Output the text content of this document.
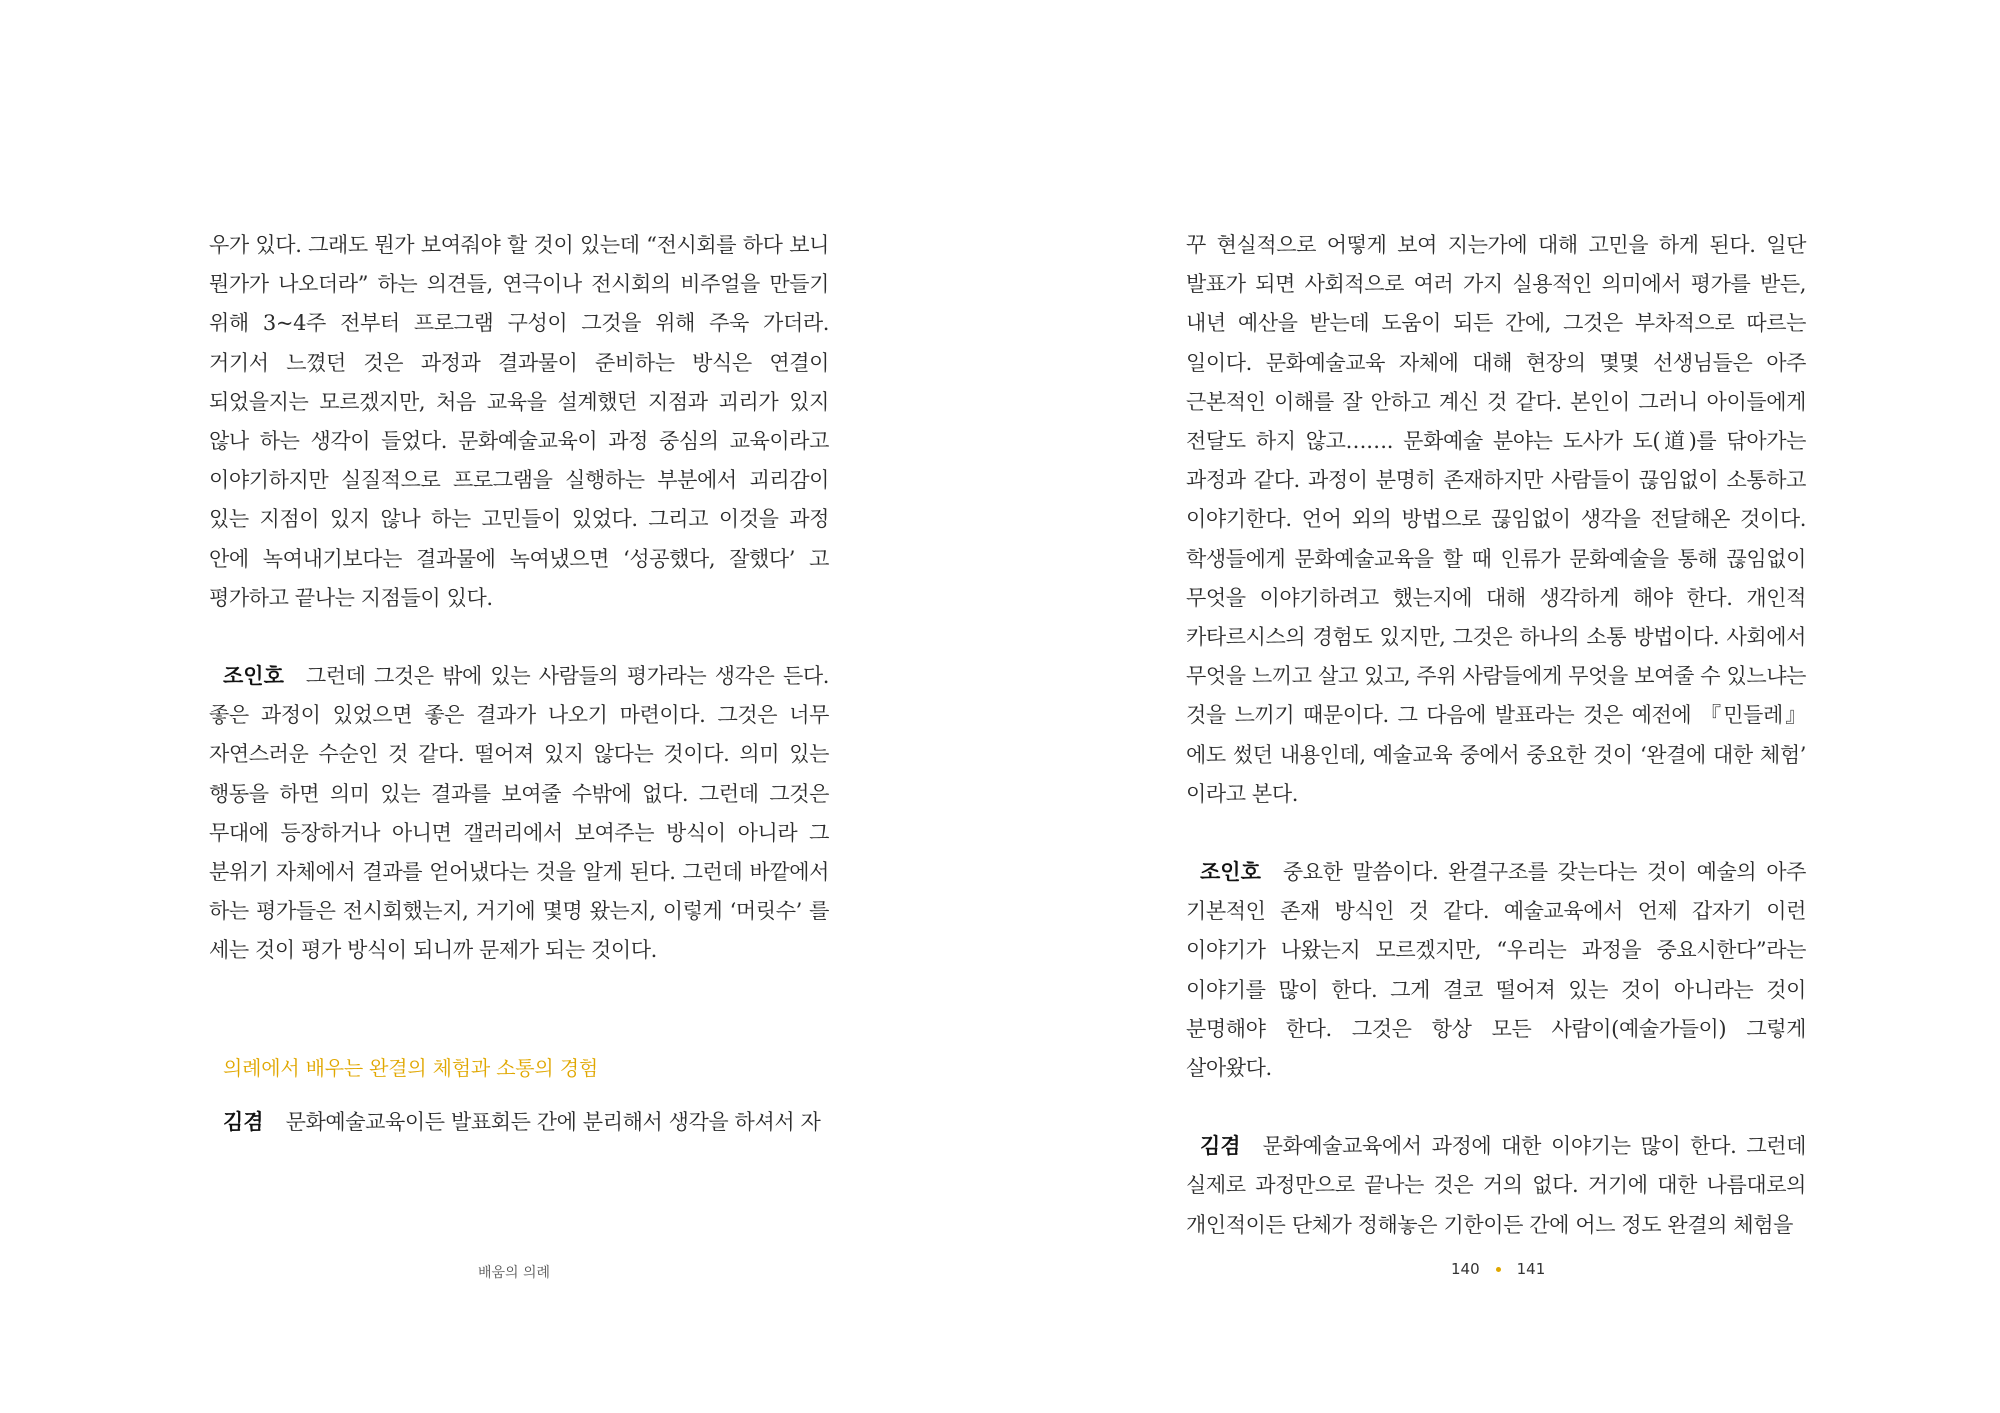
우가 있다. 그래도 뭔가 보여줘야 할 것이 있는데 “전시회를 하다 보니 뭔가가 나오더라” 하는 의견들, 연극이나 전시회의 비주얼을 만들기 위해 3~4주 전부터 프로그램 구성이 그것을 위해 주욱 가더라. 거기서 느꼈던 것은 과정과 결과물이 준비하는 방식은 연결이 되었을지는 모르겠지만, 처음 교육을 설계했던 지점과 괴리가 있지 않나 하는 생각이 들었다. 문화예술교육이 과정 중심의 교육이라고 이야기하지만 실질적으로 프로그램을 실행하는 부분에서 괴리감이 있는 지점이 있지 않나 하는 고민들이 있었다. 그리고 이것을 과정 안에 녹여내기보다는 결과물에 녹여냈으면 ‘성공했다, 잘했다’ 고 평가하고 끝나는 지점들이 있다.

조인호 그런데 그것은 밖에 있는 사람들의 평가라는 생각은 든다. 좋은 과정이 있었으면 좋은 결과가 나오기 마련이다. 그것은 너무 자연스러운 수순인 것 같다. 떨어져 있지 않다는 것이다. 의미 있는 행동을 하면 의미 있는 결과를 보여줄 수밖에 없다. 그런데 그것은 무대에 등장하거나 아니면 갤러리에서 보여주는 방식이 아니라 그 분위기 자체에서 결과를 얻어냈다는 것을 알게 된다. 그런데 바깥에서 하는 평가들은 전시회했는지, 거기에 몇명 왔는지, 이렇게 ‘머릿수’ 를 세는 것이 평가 방식이 되니까 문제가 되는 것이다.

의례에서 배우는 완결의 체험과 소통의 경험

김겸 문화예술교육이든 발표회든 간에 분리해서 생각을 하셔서 자

배움의 의례

꾸 현실적으로 어떻게 보여 지는가에 대해 고민을 하게 된다. 일단 발표가 되면 사회적으로 여러 가지 실용적인 의미에서 평가를 받든, 내년 예산을 받는데 도움이 되든 간에, 그것은 부차적으로 따르는 일이다. 문화예술교육 자체에 대해 현장의 몇몇 선생님들은 아주 근본적인 이해를 잘 안하고 계신 것 같다. 본인이 그러니 아이들에게 전달도 하지 않고……. 문화예술 분야는 도사가 도(道)를 닦아가는 과정과 같다. 과정이 분명히 존재하지만 사람들이 끊임없이 소통하고 이야기한다. 언어 외의 방법으로 끊임없이 생각을 전달해온 것이다. 학생들에게 문화예술교육을 할 때 인류가 문화예술을 통해 끊임없이 무엇을 이야기하려고 했는지에 대해 생각하게 해야 한다. 개인적 카타르시스의 경험도 있지만, 그것은 하나의 소통 방법이다. 사회에서 무엇을 느끼고 살고 있고, 주위 사람들에게 무엇을 보여줄 수 있느냐는 것을 느끼기 때문이다. 그 다음에 발표라는 것은 예전에 『민들레』에도 썼던 내용인데, 예술교육 중에서 중요한 것이 ‘완결에 대한 체험’ 이라고 본다.

조인호 중요한 말씀이다. 완결구조를 갖는다는 것이 예술의 아주 기본적인 존재 방식인 것 같다. 예술교육에서 언제 갑자기 이런 이야기가 나왔는지 모르겠지만, “우리는 과정을 중요시한다”라는 이야기를 많이 한다. 그게 결코 떨어져 있는 것이 아니라는 것이 분명해야 한다. 그것은 항상 모든 사람이(예술가들이) 그렇게 살아왔다.

김겸 문화예술교육에서 과정에 대한 이야기는 많이 한다. 그런데 실제로 과정만으로 끝나는 것은 거의 없다. 거기에 대한 나름대로의 개인적이든 단체가 정해놓은 기한이든 간에 어느 정도 완결의 체험을

140 141
